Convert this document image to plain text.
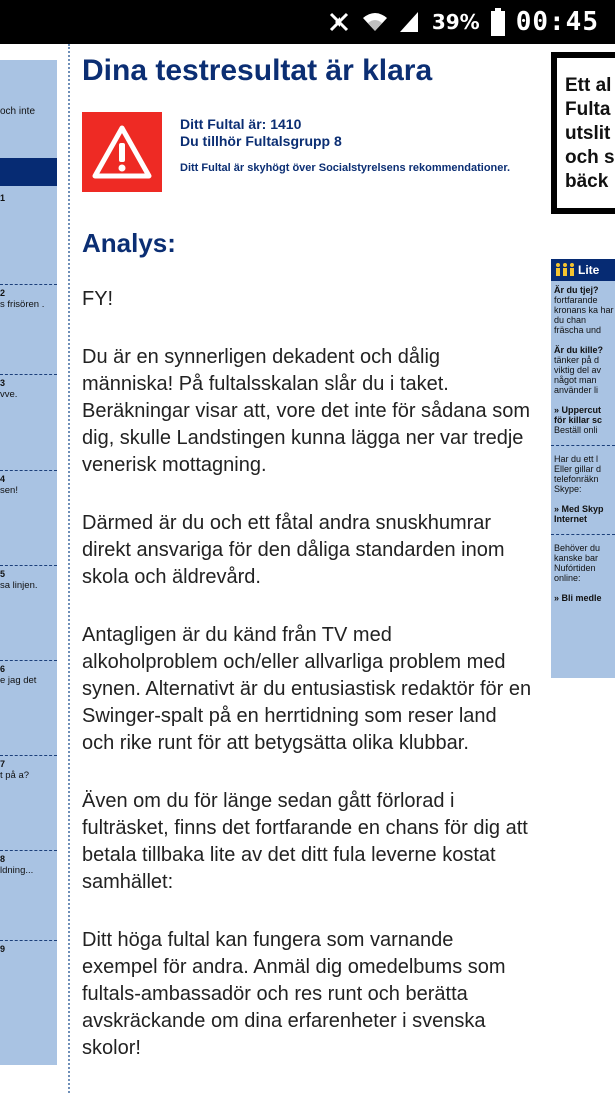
39% 00:45
och inte
1
2
s frisören .
3
vve.
4
sen!
5
sa linjen.
6
e jag det
7
t på a?
8
ldning...
9
Dina testresultat är klara
Ditt Fultal är: 1410
Du tillhör Fultalsgrupp 8
Ditt Fultal är skyhögt över Socialstyrelsens rekommendationer.
Analys:

FY!

Du är en synnerligen dekadent och dålig människa! På fultalsskalan slår du i taket. Beräkningar visar att, vore det inte för sådana som dig, skulle Landstingen kunna lägga ner var tredje venerisk mottagning.

Därmed är du och ett fåtal andra snuskhumrar direkt ansvariga för den dåliga standarden inom skola och äldrevård.

Antagligen är du känd från TV med alkoholproblem och/eller allvarliga problem med synen. Alternativt är du entusiastisk redaktör för en Swinger-spalt på en herrtidning som reser land och rike runt för att betygsätta olika klubbar.

Även om du för länge sedan gått förlorad i fulträsket, finns det fortfarande en chans för dig att betala tillbaka lite av det ditt fula leverne kostat samhället:

Ditt höga fultal kan fungera som varnande exempel för andra. Anmäl dig omedelbums som fultals-ambassadör och res runt och berätta avskräckande om dina erfarenheter i svenska skolor!

Ett al
Fulta
utslit
och s
bäck
Lite
Är du tjej? fortfarande kronans ka har du chan fräscha und
Är du kille? tänker på d viktig del av något man använder li
» Uppercut för killar sc Beställ onli
Har du ett l Eller gillar d telefonräkn Skype:
» Med Skyp Internet
Behöver du kanske bar Nufórtiden online:
» Bli medle
